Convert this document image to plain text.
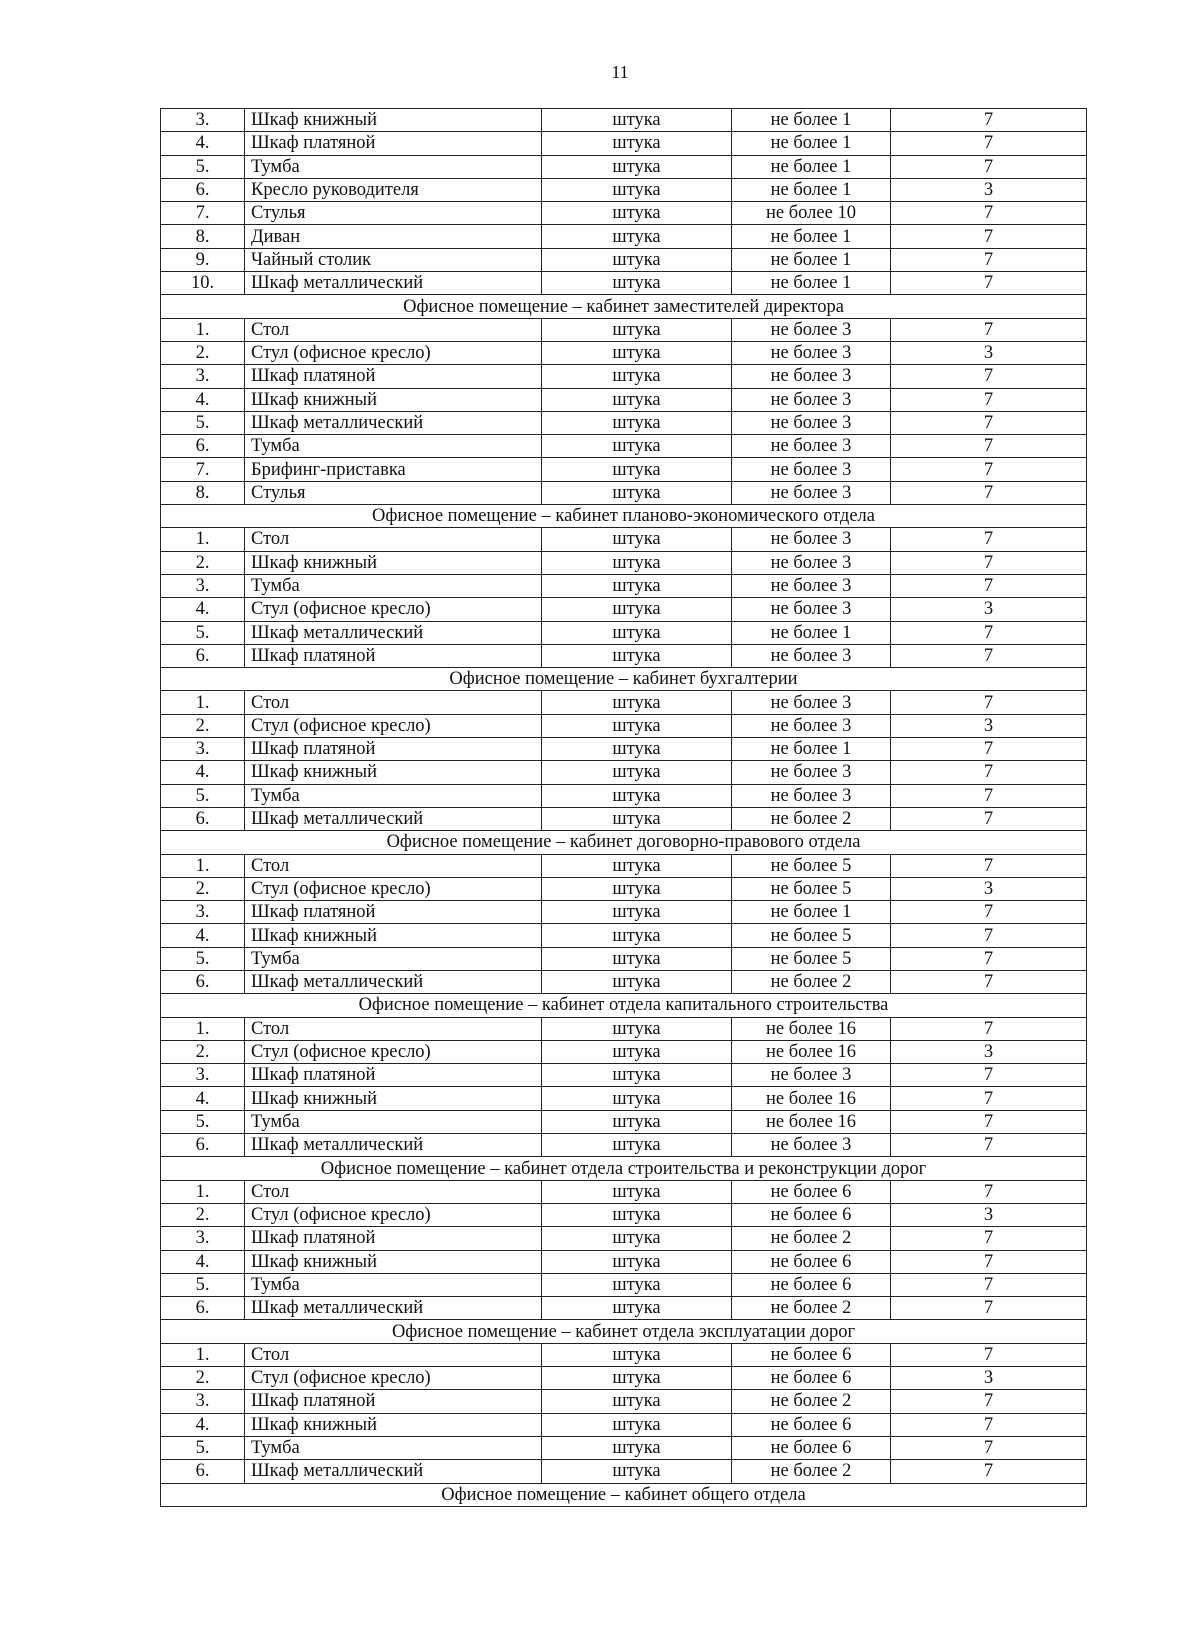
11
3.	Шкаф книжный	штука	не более 1	7
4.	Шкаф платяной	штука	не более 1	7
5.	Тумба	штука	не более 1	7
6.	Кресло руководителя	штука	не более 1	3
7.	Стулья	штука	не более 10	7
8.	Диван	штука	не более 1	7
9.	Чайный столик	штука	не более 1	7
10.	Шкаф металлический	штука	не более 1	7
Офисное помещение – кабинет заместителей директора				
1.	Стол	штука	не более 3	7
2.	Стул (офисное кресло)	штука	не более 3	3
3.	Шкаф платяной	штука	не более 3	7
4.	Шкаф книжный	штука	не более 3	7
5.	Шкаф металлический	штука	не более 3	7
6.	Тумба	штука	не более 3	7
7.	Брифинг-приставка	штука	не более 3	7
8.	Стулья	штука	не более 3	7
Офисное помещение – кабинет планово-экономического отдела				
1.	Стол	штука	не более 3	7
2.	Шкаф книжный	штука	не более 3	7
3.	Тумба	штука	не более 3	7
4.	Стул (офисное кресло)	штука	не более 3	3
5.	Шкаф металлический	штука	не более 1	7
6.	Шкаф платяной	штука	не более 3	7
Офисное помещение – кабинет бухгалтерии				
1.	Стол	штука	не более 3	7
2.	Стул (офисное кресло)	штука	не более 3	3
3.	Шкаф платяной	штука	не более 1	7
4.	Шкаф книжный	штука	не более 3	7
5.	Тумба	штука	не более 3	7
6.	Шкаф металлический	штука	не более 2	7
Офисное помещение – кабинет договорно-правового отдела				
1.	Стол	штука	не более 5	7
2.	Стул (офисное кресло)	штука	не более 5	3
3.	Шкаф платяной	штука	не более 1	7
4.	Шкаф книжный	штука	не более 5	7
5.	Тумба	штука	не более 5	7
6.	Шкаф металлический	штука	не более 2	7
Офисное помещение – кабинет отдела капитального строительства				
1.	Стол	штука	не более 16	7
2.	Стул (офисное кресло)	штука	не более 16	3
3.	Шкаф платяной	штука	не более 3	7
4.	Шкаф книжный	штука	не более 16	7
5.	Тумба	штука	не более 16	7
6.	Шкаф металлический	штука	не более 3	7
Офисное помещение – кабинет отдела строительства и реконструкции дорог				
1.	Стол	штука	не более 6	7
2.	Стул (офисное кресло)	штука	не более 6	3
3.	Шкаф платяной	штука	не более 2	7
4.	Шкаф книжный	штука	не более 6	7
5.	Тумба	штука	не более 6	7
6.	Шкаф металлический	штука	не более 2	7
Офисное помещение – кабинет отдела эксплуатации дорог				
1.	Стол	штука	не более 6	7
2.	Стул (офисное кресло)	штука	не более 6	3
3.	Шкаф платяной	штука	не более 2	7
4.	Шкаф книжный	штука	не более 6	7
5.	Тумба	штука	не более 6	7
6.	Шкаф металлический	штука	не более 2	7
Офисное помещение – кабинет общего отдела				
